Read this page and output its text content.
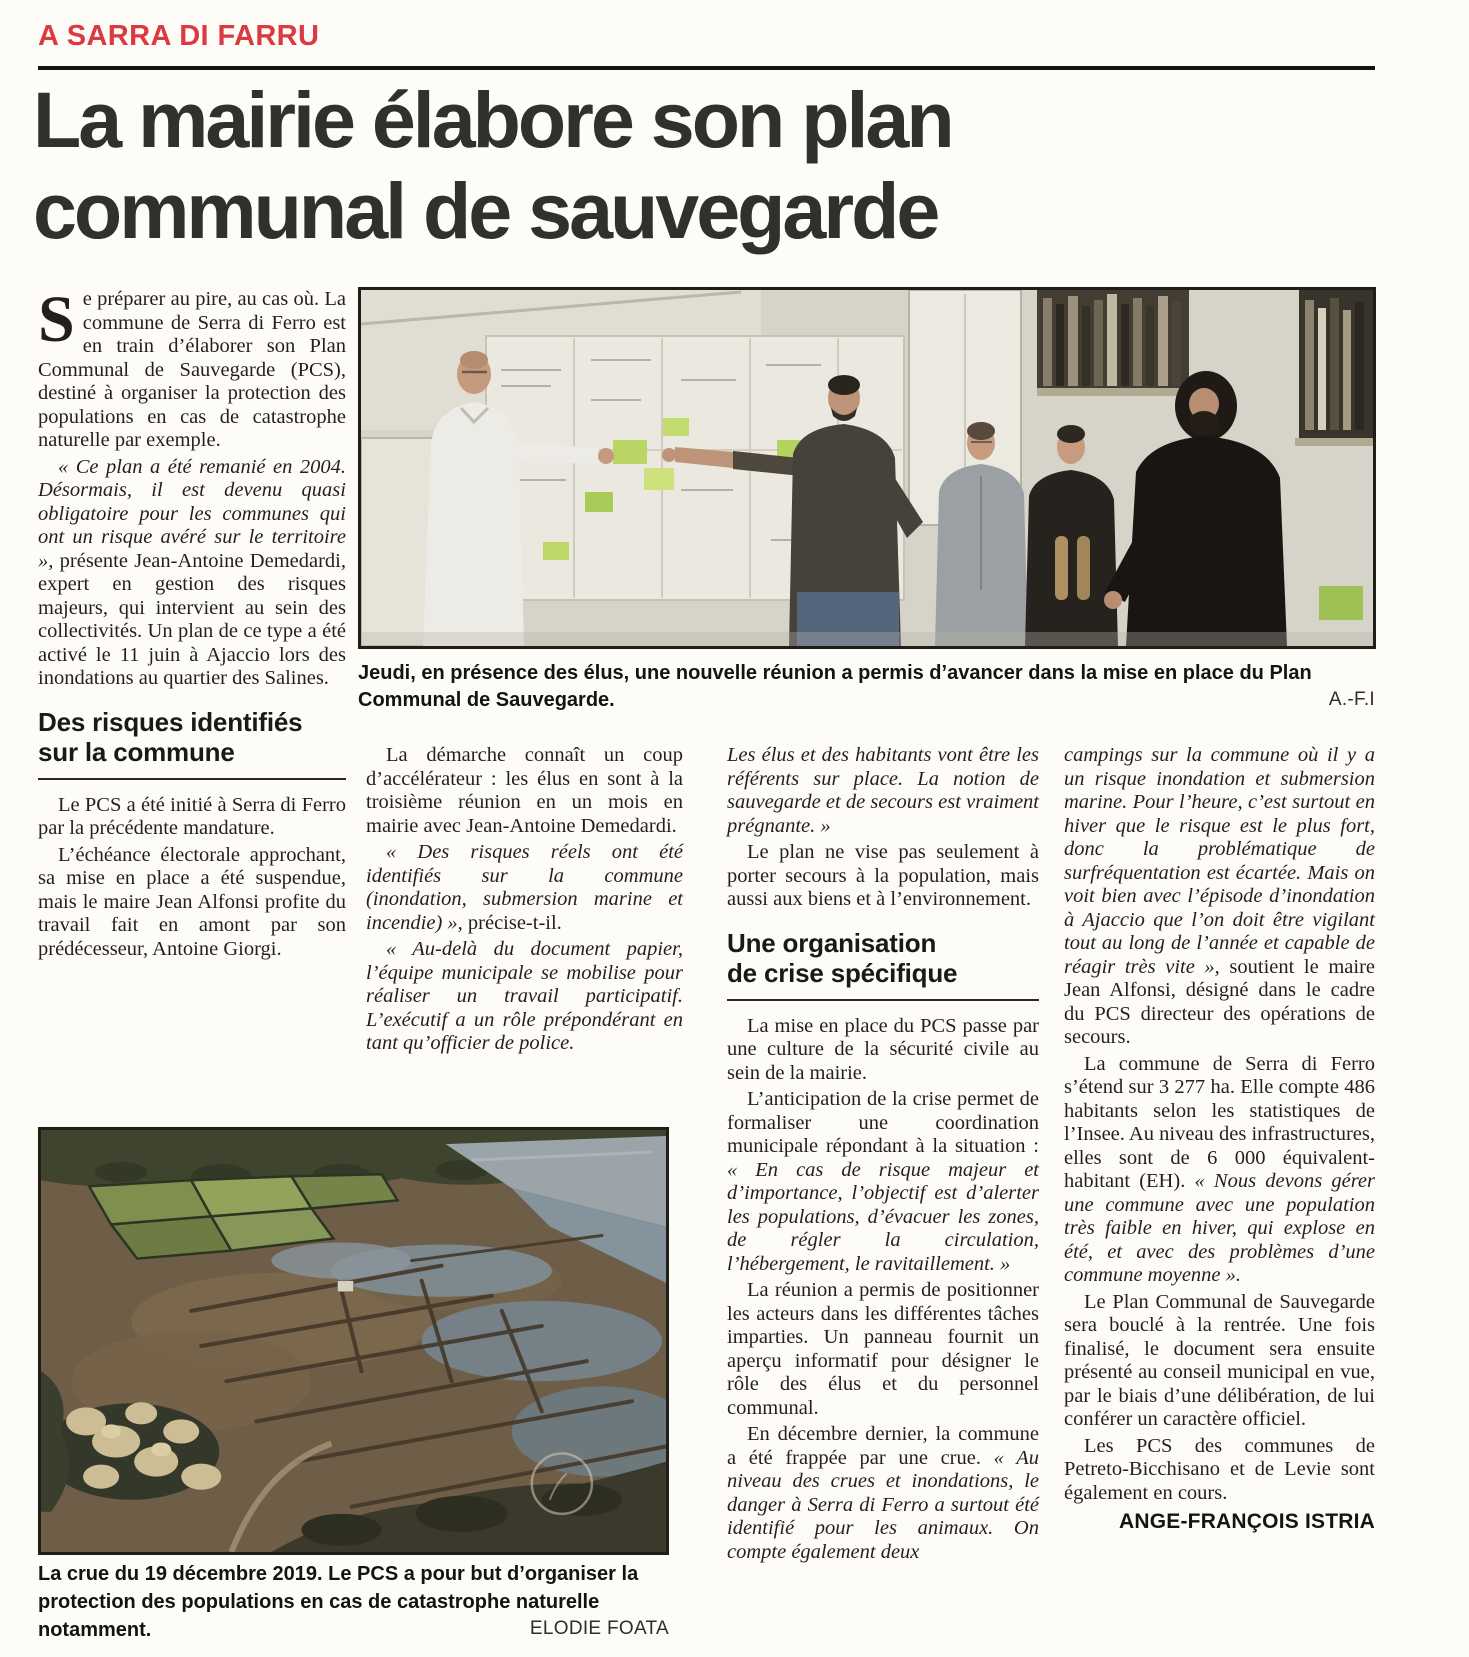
A SARRA DI FARRU
La mairie élabore son plan
communal de sauvegarde

Se préparer au pire, au cas où. La commune de Serra di Ferro est en train d’élaborer son Plan Communal de Sauvegarde (PCS), destiné à organiser la protection des populations en cas de catastrophe naturelle par exemple.

« Ce plan a été remanié en 2004. Désormais, il est devenu quasi obligatoire pour les communes qui ont un risque avéré sur le territoire », présente Jean-Antoine Demedardi, expert en gestion des risques majeurs, qui intervient au sein des collectivités. Un plan de ce type a été activé le 11 juin à Ajaccio lors des inondations au quartier des Salines.

Des risques identifiés
sur la commune

Le PCS a été initié à Serra di Ferro par la précédente mandature.

L’échéance électorale approchant, sa mise en place a été suspendue, mais le maire Jean Alfonsi profite du travail fait en amont par son prédécesseur, Antoine Giorgi.

Jeudi, en présence des élus, une nouvelle réunion a permis d’avancer dans la mise en place du Plan Communal de Sauvegarde.	A.-F.I

La démarche connaît un coup d’accélérateur : les élus en sont à la troisième réunion en un mois en mairie avec Jean-Antoine Demedardi.

« Des risques réels ont été identifiés sur la commune (inondation, submersion marine et incendie) », précise-t-il.

« Au-delà du document papier, l’équipe municipale se mobilise pour réaliser un travail participatif. L’exécutif a un rôle prépondérant en tant qu’officier de police.

Les élus et des habitants vont être les référents sur place. La notion de sauvegarde et de secours est vraiment prégnante. »

Le plan ne vise pas seulement à porter secours à la population, mais aussi aux biens et à l’environnement.

Une organisation
de crise spécifique

La mise en place du PCS passe par une culture de la sécurité civile au sein de la mairie.

L’anticipation de la crise permet de formaliser une coordination municipale répondant à la situation : « En cas de risque majeur et d’importance, l’objectif est d’alerter les populations, d’évacuer les zones, de régler la circulation, l’hébergement, le ravitaillement. »

La réunion a permis de positionner les acteurs dans les différentes tâches imparties. Un panneau fournit un aperçu informatif pour désigner le rôle des élus et du personnel communal.

En décembre dernier, la commune a été frappée par une crue. « Au niveau des crues et inondations, le danger à Serra di Ferro a surtout été identifié pour les animaux. On compte également deux

campings sur la commune où il y a un risque inondation et submersion marine. Pour l’heure, c’est surtout en hiver que le risque est le plus fort, donc la problématique de surfréquentation est écartée. Mais on voit bien avec l’épisode d’inondation à Ajaccio que l’on doit être vigilant tout au long de l’année et capable de réagir très vite », soutient le maire Jean Alfonsi, désigné dans le cadre du PCS directeur des opérations de secours.

La commune de Serra di Ferro s’étend sur 3 277 ha. Elle compte 486 habitants selon les statistiques de l’Insee. Au niveau des infrastructures, elles sont de 6 000 équivalent-habitant (EH). « Nous devons gérer une commune avec une population très faible en hiver, qui explose en été, et avec des problèmes d’une commune moyenne ».

Le Plan Communal de Sauvegarde sera bouclé à la rentrée. Une fois finalisé, le document sera ensuite présenté au conseil municipal en vue, par le biais d’une délibération, de lui conférer un caractère officiel.

Les PCS des communes de Petreto-Bicchisano et de Levie sont également en cours.

ANGE-FRANÇOIS ISTRIA
La crue du 19 décembre 2019. Le PCS a pour but d’organiser la protection des populations en cas de catastrophe naturelle notamment.	ELODIE FOATA
